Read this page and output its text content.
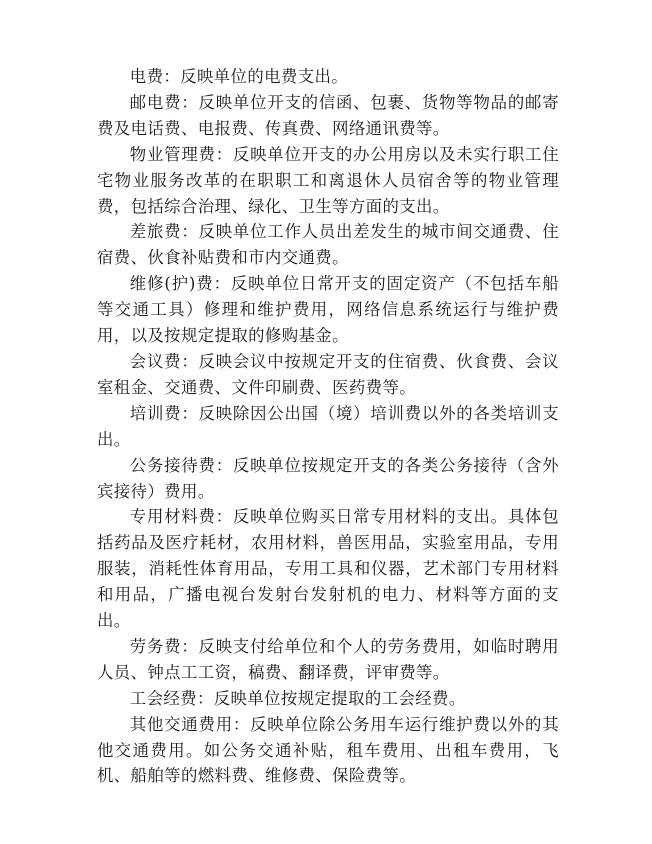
电费：反映单位的电费支出。

邮电费：反映单位开支的信函、包裹、货物等物品的邮寄费及电话费、电报费、传真费、网络通讯费等。

物业管理费：反映单位开支的办公用房以及未实行职工住宅物业服务改革的在职职工和离退休人员宿舍等的物业管理费，包括综合治理、绿化、卫生等方面的支出。

差旅费：反映单位工作人员出差发生的城市间交通费、住宿费、伙食补贴费和市内交通费。

维修(护)费：反映单位日常开支的固定资产（不包括车船等交通工具）修理和维护费用，网络信息系统运行与维护费用，以及按规定提取的修购基金。

会议费：反映会议中按规定开支的住宿费、伙食费、会议室租金、交通费、文件印刷费、医药费等。

培训费：反映除因公出国（境）培训费以外的各类培训支出。

公务接待费：反映单位按规定开支的各类公务接待（含外宾接待）费用。

专用材料费：反映单位购买日常专用材料的支出。具体包括药品及医疗耗材，农用材料，兽医用品，实验室用品，专用服装，消耗性体育用品，专用工具和仪器，艺术部门专用材料和用品，广播电视台发射台发射机的电力、材料等方面的支出。

劳务费：反映支付给单位和个人的劳务费用，如临时聘用人员、钟点工工资，稿费、翻译费，评审费等。

工会经费：反映单位按规定提取的工会经费。

其他交通费用：反映单位除公务用车运行维护费以外的其他交通费用。如公务交通补贴，租车费用、出租车费用，飞机、船舶等的燃料费、维修费、保险费等。
